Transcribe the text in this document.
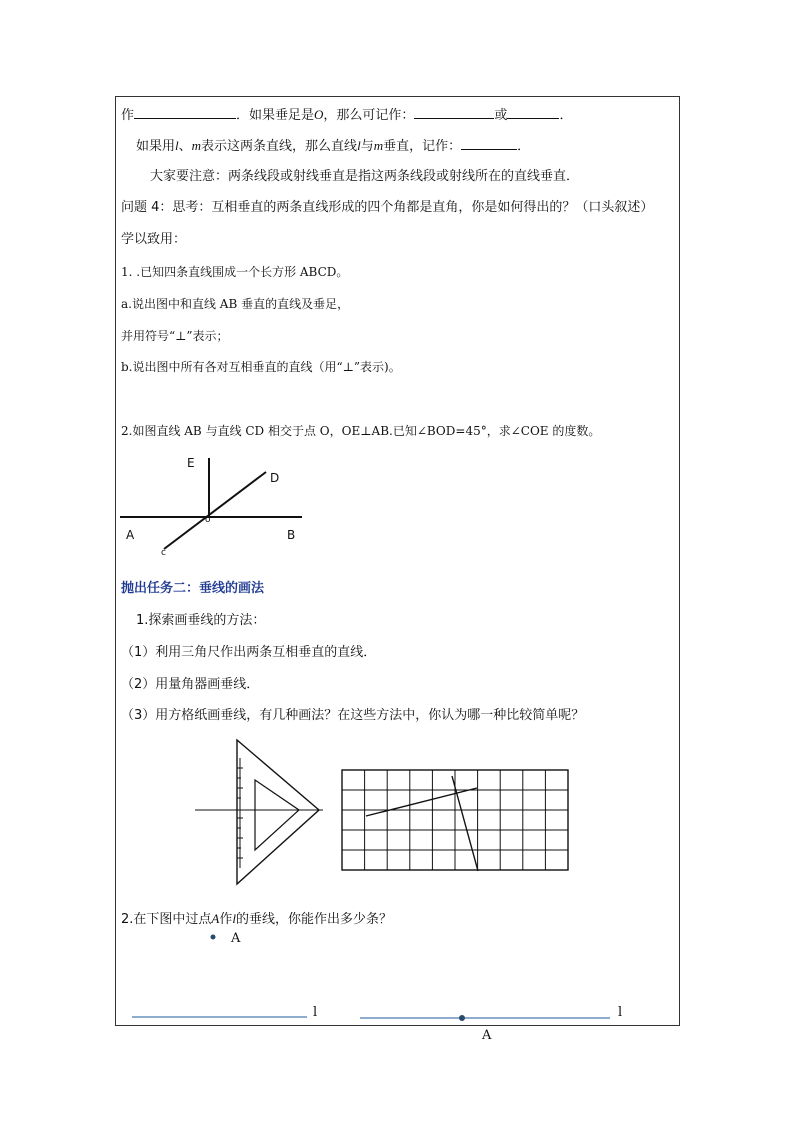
作	．如果垂足是O，那么可记作：	或	．
如果用l、m表示这两条直线，那么直线l与m垂直，记作：	．
大家要注意：两条线段或射线垂直是指这两条线段或射线所在的直线垂直．
问题 4：思考：互相垂直的两条直线形成的四个角都是直角，你是如何得出的？（口头叙述）
学以致用：
1. .已知四条直线围成一个长方形 ABCD。
a.说出图中和直线 AB 垂直的直线及垂足，
并用符号“⊥”表示；
b.说出图中所有各对互相垂直的直线（用“⊥”表示)。
2.如图直线 AB 与直线 CD 相交于点 O，OE⊥AB.已知∠BOD=45°，求∠COE 的度数。
E
D
A	B
c
o
抛出任务二：垂线的画法
1.探索画垂线的方法：
（1）利用三角尺作出两条互相垂直的直线．
（2）用量角器画垂线．
（3）用方格纸画垂线，有几种画法？在这些方法中，你认为哪一种比较简单呢？
2.在下图中过点A作l的垂线，你能作出多少条？
A
l	l
A
